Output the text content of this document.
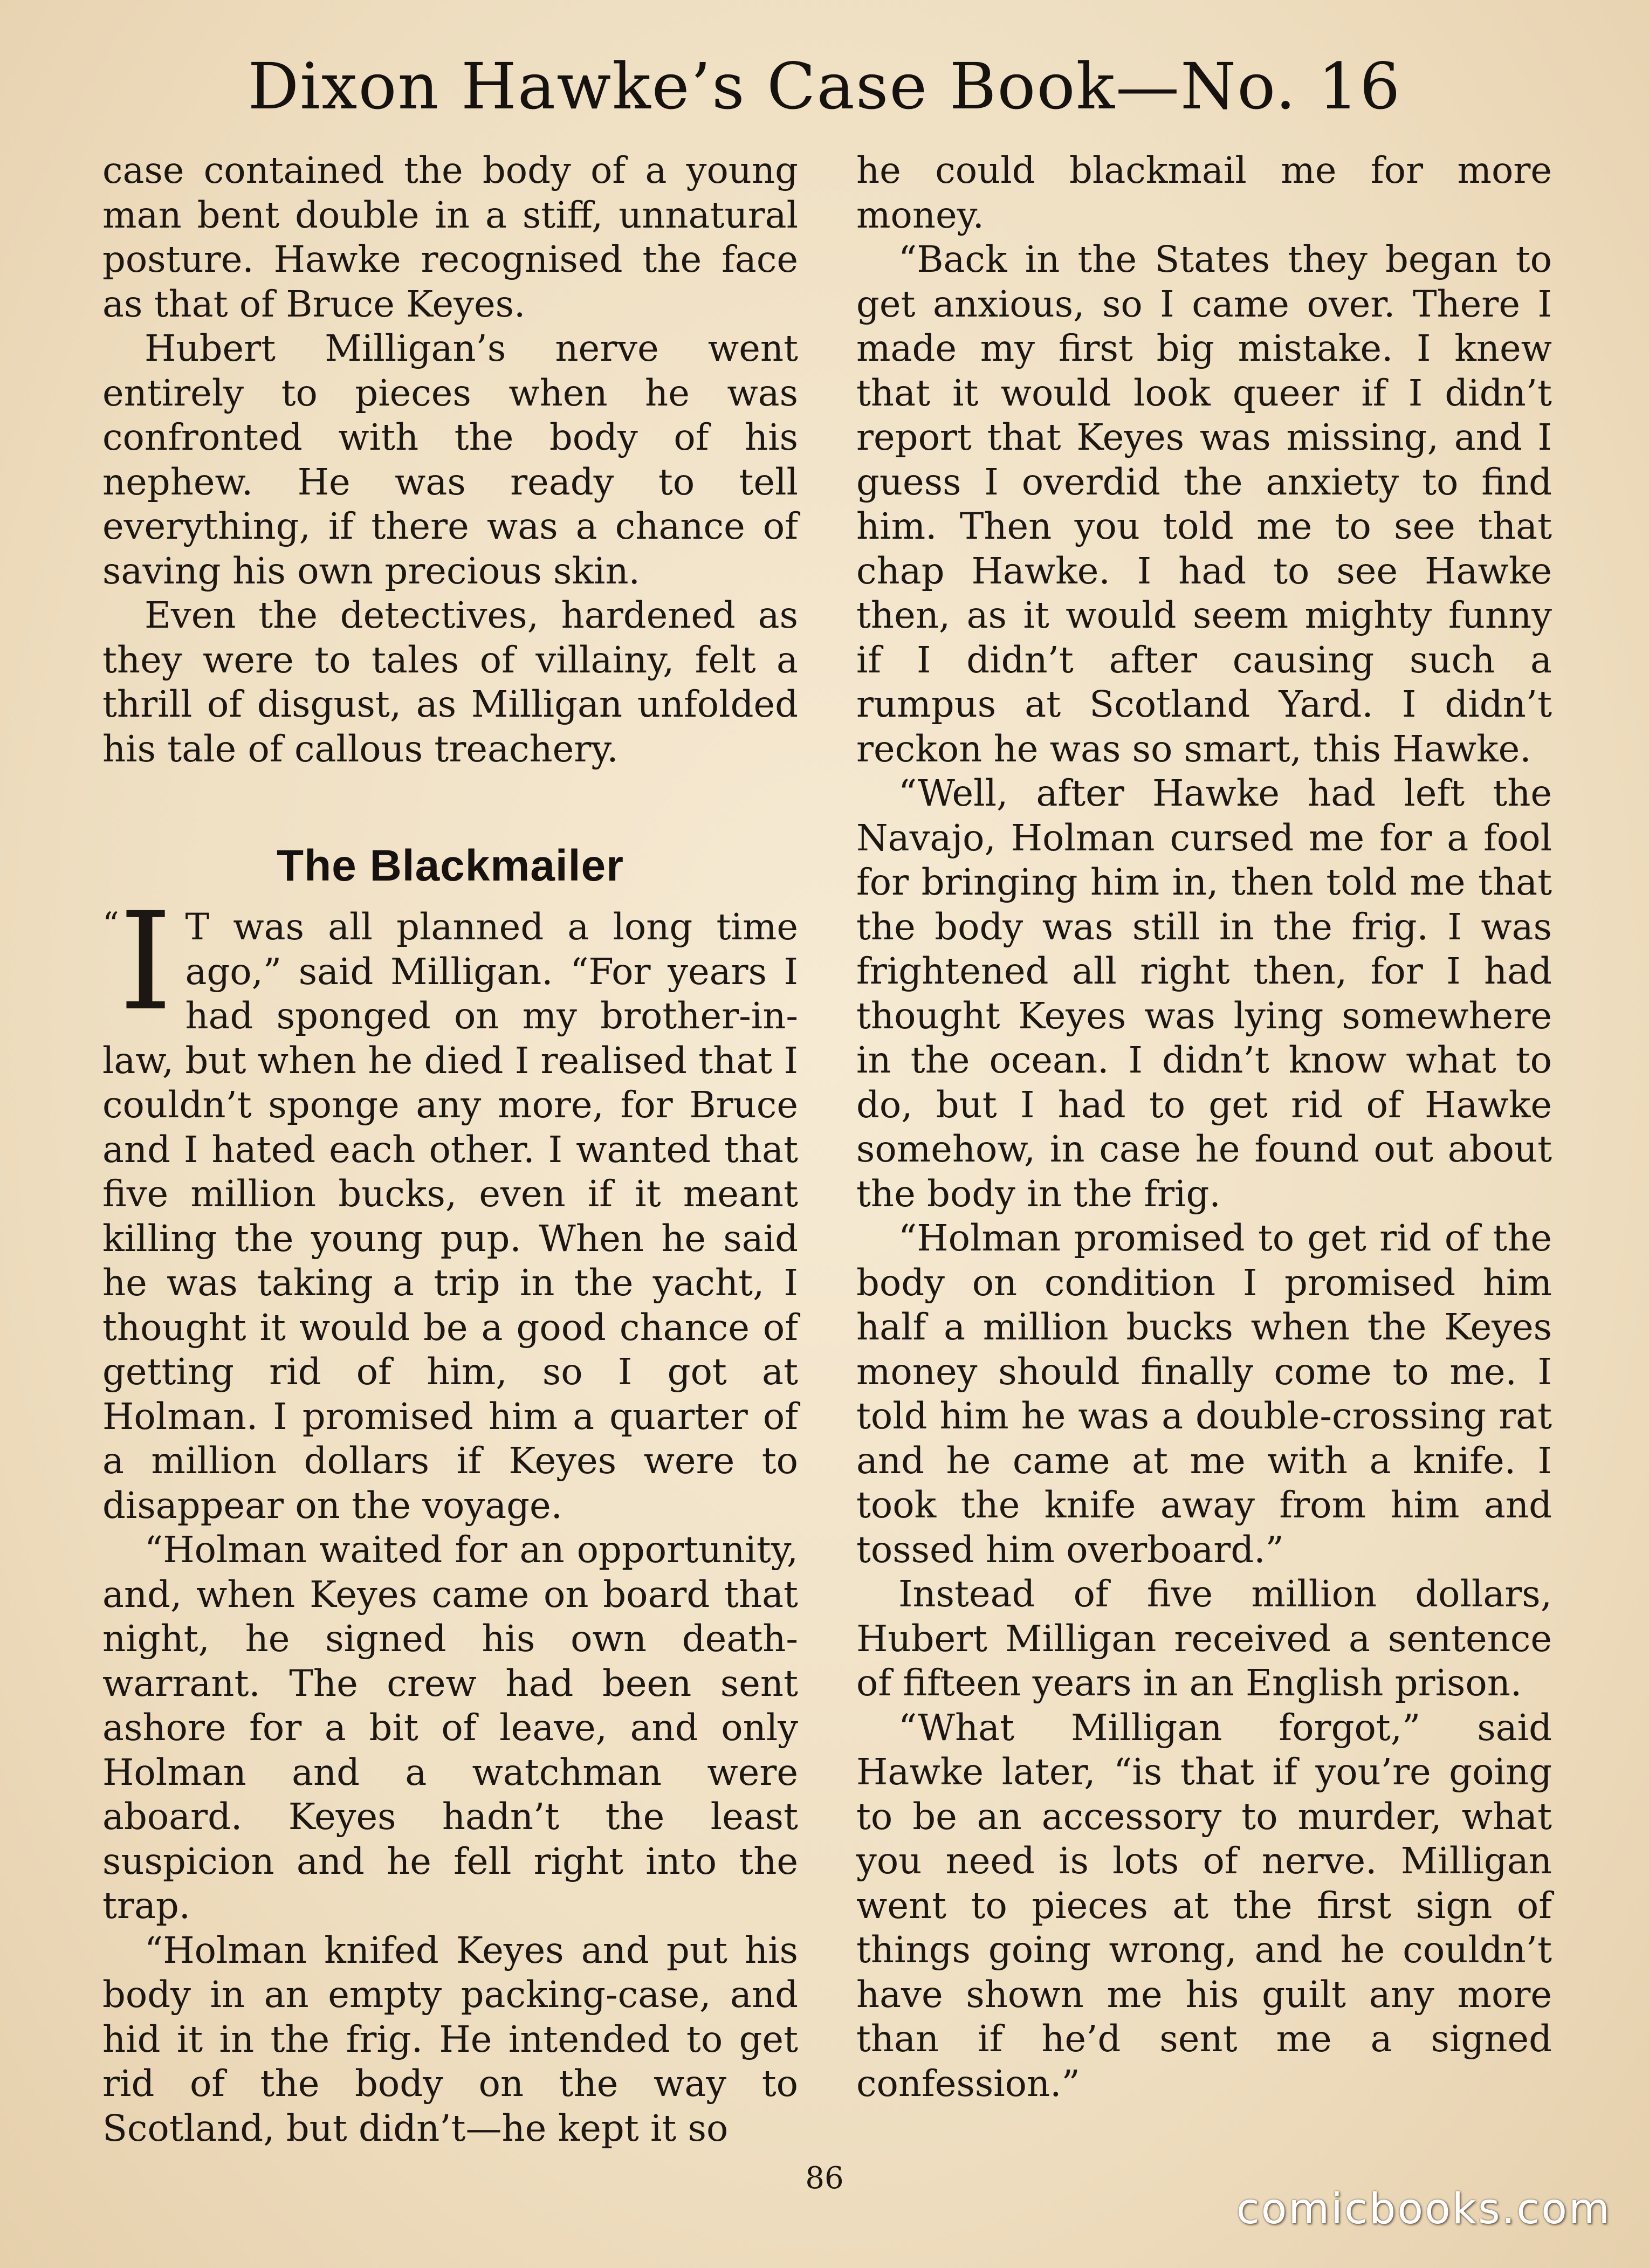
Dixon Hawke’s Case Book—No. 16

case contained the body of a young man bent double in a stiff, unnatural posture. Hawke recognised the face as that of Bruce Keyes.

Hubert Milligan’s nerve went entirely to pieces when he was confronted with the body of his nephew. He was ready to tell everything, if there was a chance of saving his own precious skin.

Even the detectives, hardened as they were to tales of villainy, felt a thrill of disgust, as Milligan unfolded his tale of callous treachery.

The Blackmailer

“I T was all planned a long time ago,” said Milligan. “For years I had sponged on my brother-in-law, but when he died I realised that I couldn’t sponge any more, for Bruce and I hated each other. I wanted that five million bucks, even if it meant killing the young pup. When he said he was taking a trip in the yacht, I thought it would be a good chance of getting rid of him, so I got at Holman. I promised him a quarter of a million dollars if Keyes were to disappear on the voyage.

“Holman waited for an opportunity, and, when Keyes came on board that night, he signed his own death-warrant. The crew had been sent ashore for a bit of leave, and only Holman and a watchman were aboard. Keyes hadn’t the least suspicion and he fell right into the trap.

“Holman knifed Keyes and put his body in an empty packing-case, and hid it in the frig. He intended to get rid of the body on the way to Scotland, but didn’t—he kept it so

he could blackmail me for more money.

“Back in the States they began to get anxious, so I came over. There I made my first big mistake. I knew that it would look queer if I didn’t report that Keyes was missing, and I guess I overdid the anxiety to find him. Then you told me to see that chap Hawke. I had to see Hawke then, as it would seem mighty funny if I didn’t after causing such a rumpus at Scotland Yard. I didn’t reckon he was so smart, this Hawke.

“Well, after Hawke had left the Navajo, Holman cursed me for a fool for bringing him in, then told me that the body was still in the frig. I was frightened all right then, for I had thought Keyes was lying somewhere in the ocean. I didn’t know what to do, but I had to get rid of Hawke somehow, in case he found out about the body in the frig.

“Holman promised to get rid of the body on condition I promised him half a million bucks when the Keyes money should finally come to me. I told him he was a double-crossing rat and he came at me with a knife. I took the knife away from him and tossed him overboard.”

Instead of five million dollars, Hubert Milligan received a sentence of fifteen years in an English prison.

“What Milligan forgot,” said Hawke later, “is that if you’re going to be an accessory to murder, what you need is lots of nerve. Milligan went to pieces at the first sign of things going wrong, and he couldn’t have shown me his guilt any more than if he’d sent me a signed confession.”

86
comicbooks.com
